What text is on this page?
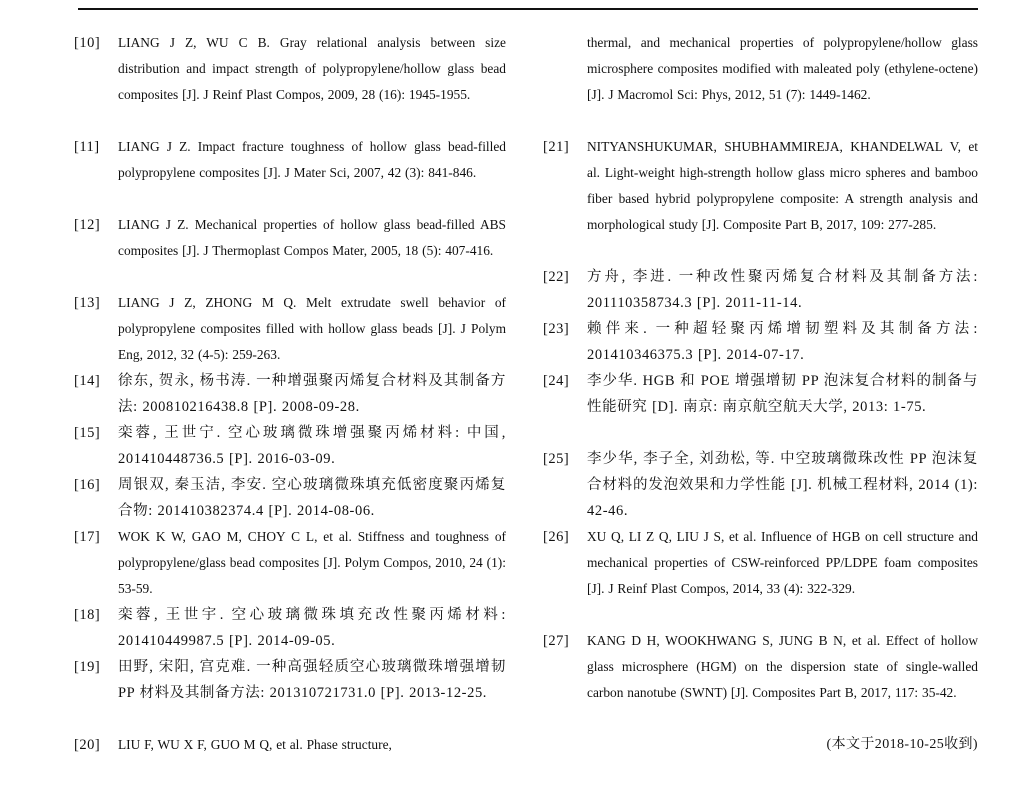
[10] LIANG J Z, WU C B. Gray relational analysis between size distribution and impact strength of polypropylene/hollow glass bead composites [J]. J Reinf Plast Compos, 2009, 28 (16): 1945-1955.
[11] LIANG J Z. Impact fracture toughness of hollow glass bead-filled polypropylene composites [J]. J Mater Sci, 2007, 42 (3): 841-846.
[12] LIANG J Z. Mechanical properties of hollow glass bead-filled ABS composites [J]. J Thermoplast Compos Mater, 2005, 18 (5): 407-416.
[13] LIANG J Z, ZHONG M Q. Melt extrudate swell behavior of polypropylene composites filled with hollow glass beads [J]. J Polym Eng, 2012, 32 (4-5): 259-263.
[14] 徐东, 贺永, 杨书涛. 一种增强聚丙烯复合材料及其制备方法: 200810216438.8 [P]. 2008-09-28.
[15] 栾蓉, 王世宁. 空心玻璃微珠增强聚丙烯材料: 中国, 201410448736.5 [P]. 2016-03-09.
[16] 周银双, 秦玉洁, 李安. 空心玻璃微珠填充低密度聚丙烯复合物: 201410382374.4 [P]. 2014-08-06.
[17] WOK K W, GAO M, CHOY C L, et al. Stiffness and toughness of polypropylene/glass bead composites [J]. Polym Compos, 2010, 24 (1): 53-59.
[18] 栾蓉, 王世宇. 空心玻璃微珠填充改性聚丙烯材料: 201410449987.5 [P]. 2014-09-05.
[19] 田野, 宋阳, 宫克难. 一种高强轻质空心玻璃微珠增强增韧 PP 材料及其制备方法: 201310721731.0 [P]. 2013-12-25.
[20] LIU F, WU X F, GUO M Q, et al. Phase structure,
thermal, and mechanical properties of polypropylene/hollow glass microsphere composites modified with maleated poly (ethylene-octene) [J]. J Macromol Sci: Phys, 2012, 51 (7): 1449-1462.
[21] NITYANSHUKUMAR, SHUBHAMMIREJA, KHANDELWAL V, et al. Light-weight high-strength hollow glass micro spheres and bamboo fiber based hybrid polypropylene composite: A strength analysis and morphological study [J]. Composite Part B, 2017, 109: 277-285.
[22] 方舟, 李进. 一种改性聚丙烯复合材料及其制备方法: 201110358734.3 [P]. 2011-11-14.
[23] 赖伴来. 一种超轻聚丙烯增韧塑料及其制备方法: 201410346375.3 [P]. 2014-07-17.
[24] 李少华. HGB 和 POE 增强增韧 PP 泡沫复合材料的制备与性能研究 [D]. 南京: 南京航空航天大学, 2013: 1-75.
[25] 李少华, 李子全, 刘劲松, 等. 中空玻璃微珠改性 PP 泡沫复合材料的发泡效果和力学性能 [J]. 机械工程材料, 2014 (1): 42-46.
[26] XU Q, LI Z Q, LIU J S, et al. Influence of HGB on cell structure and mechanical properties of CSW-reinforced PP/LDPE foam composites [J]. J Reinf Plast Compos, 2014, 33 (4): 322-329.
[27] KANG D H, WOOKHWANG S, JUNG B N, et al. Effect of hollow glass microsphere (HGM) on the dispersion state of single-walled carbon nanotube (SWNT) [J]. Composites Part B, 2017, 117: 35-42.
(本文于2018-10-25收到)
